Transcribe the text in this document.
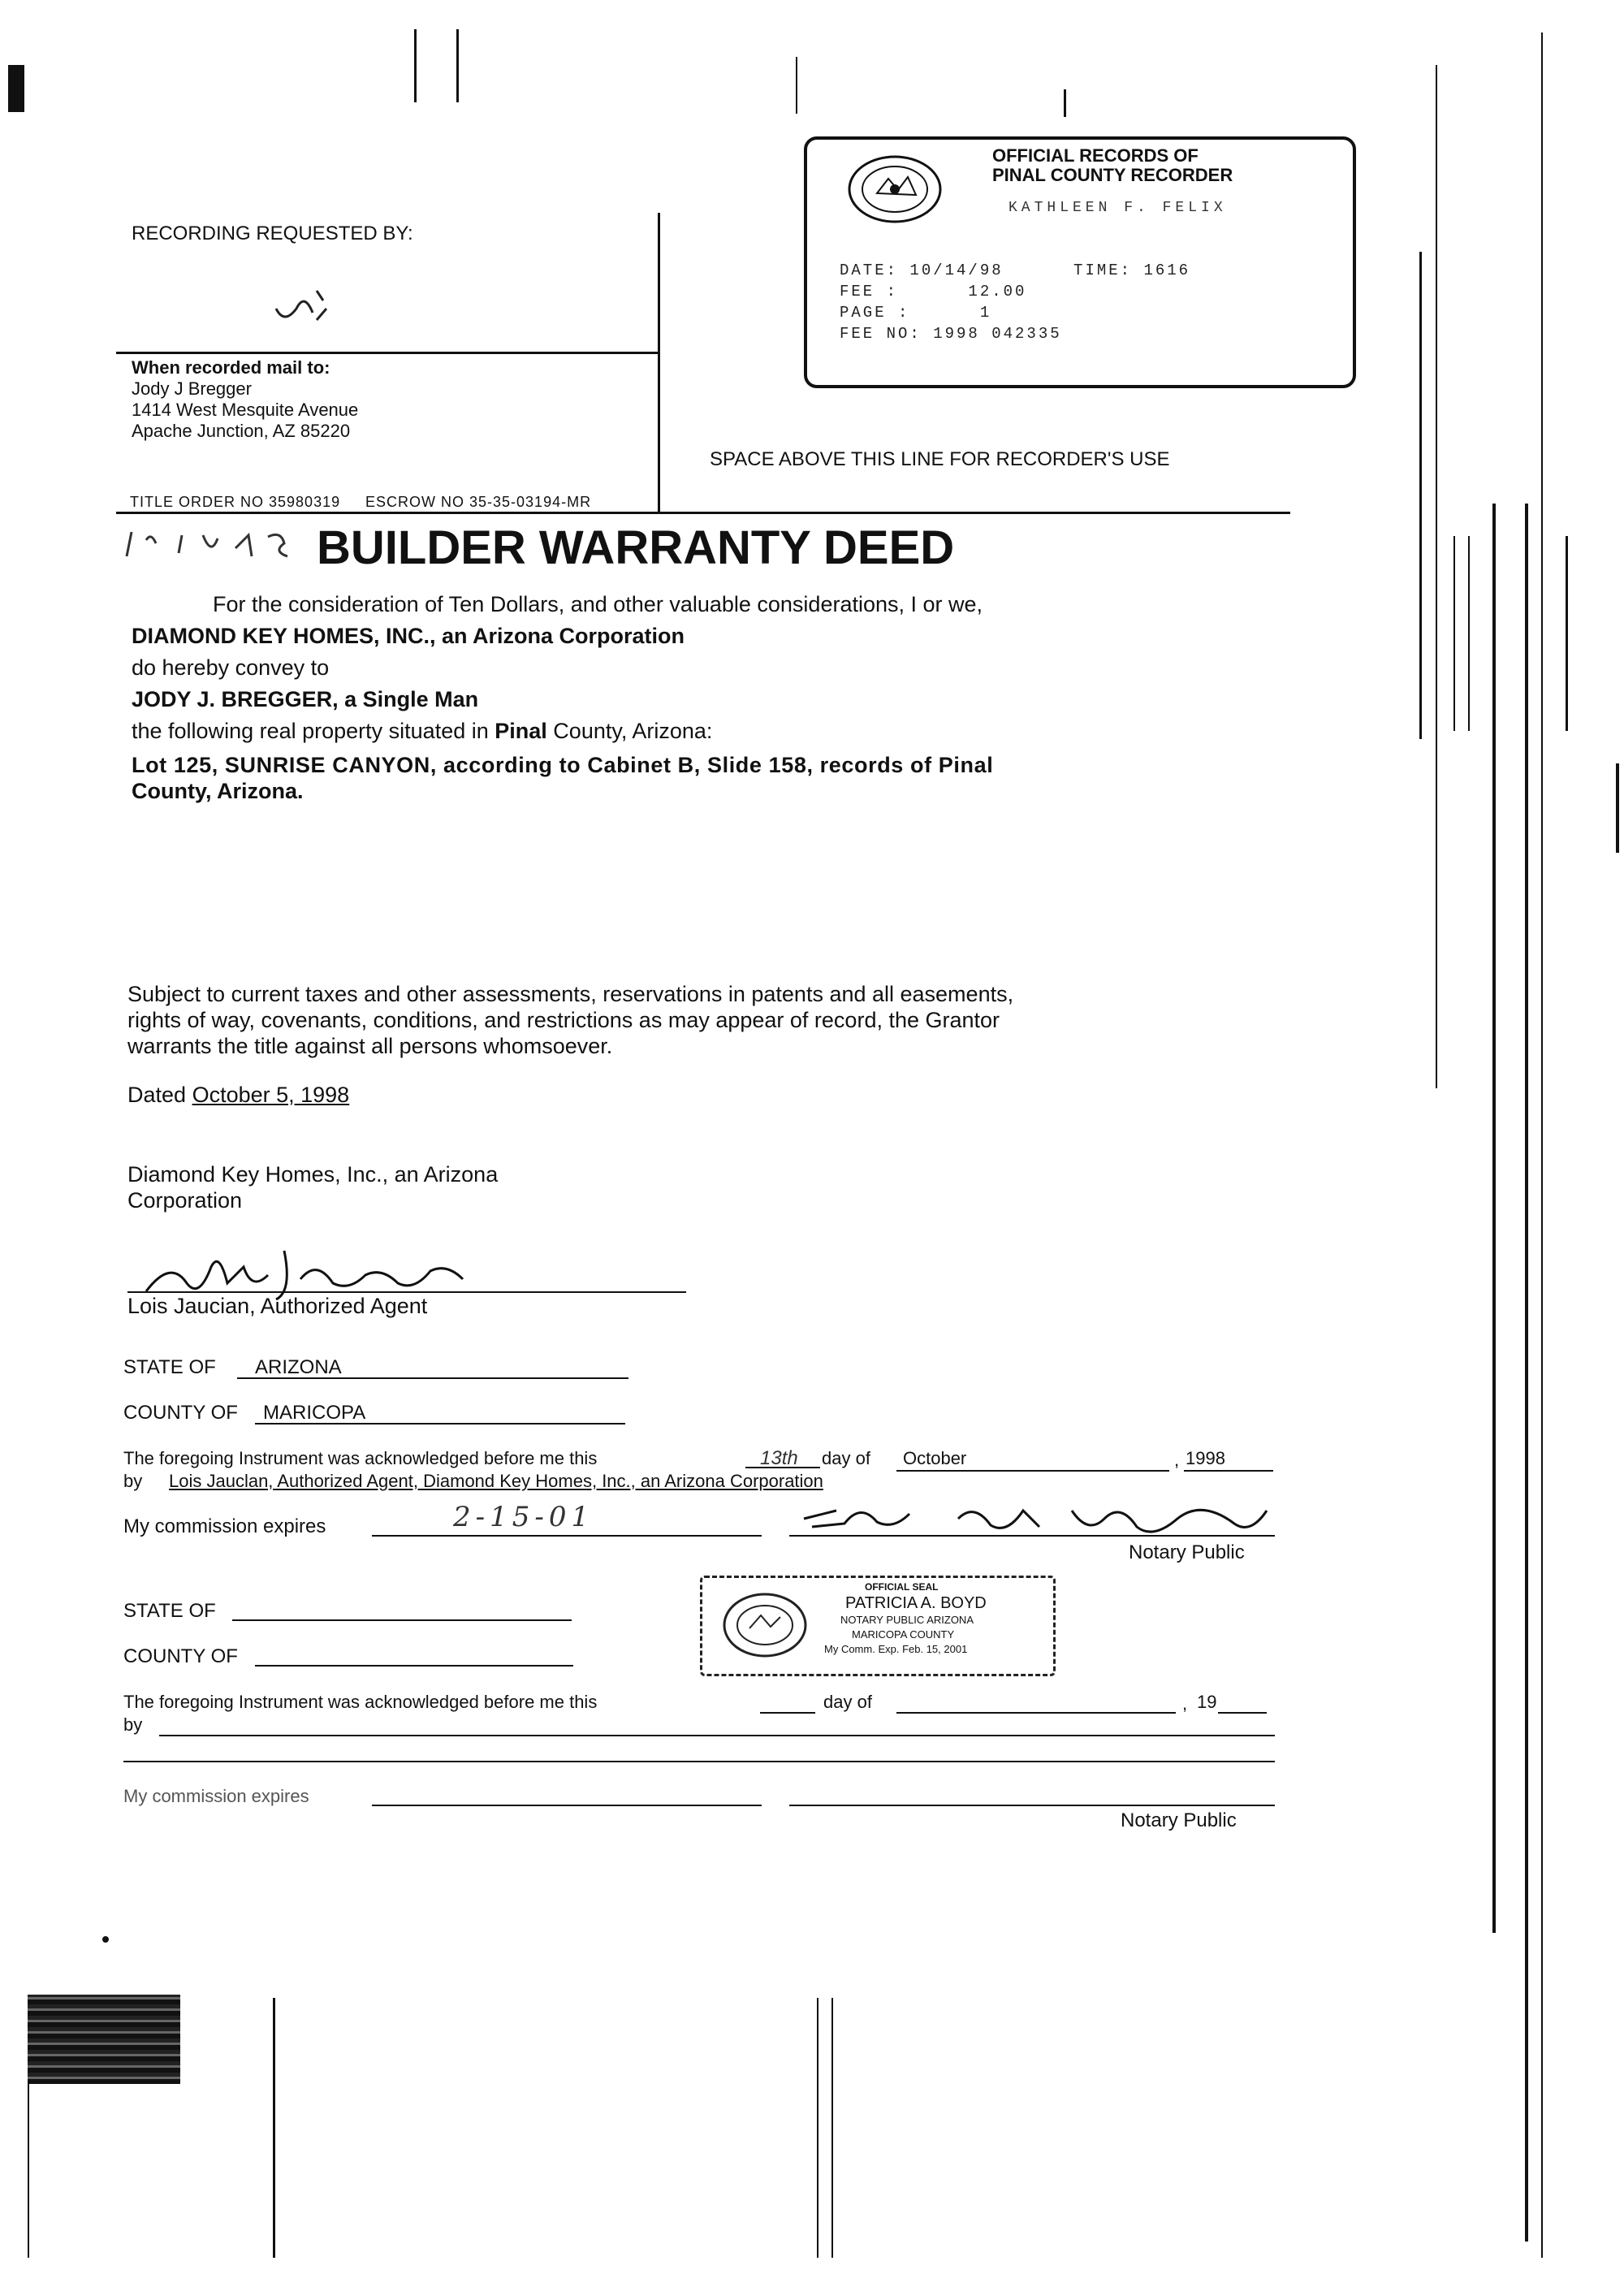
OFFICIAL RECORDS OF
PINAL COUNTY RECORDER
KATHLEEN F. FELIX
DATE: 10/14/98      TIME: 1616
FEE :      12.00
PAGE :      1
FEE NO: 1998 042335
RECORDING REQUESTED BY:
When recorded mail to:
Jody J Bregger
1414 West Mesquite Avenue
Apache Junction, AZ 85220
SPACE ABOVE THIS LINE FOR RECORDER'S USE
TITLE ORDER NO 35980319 ESCROW NO 35-35-03194-MR
BUILDER WARRANTY DEED
For the consideration of Ten Dollars, and other valuable considerations, I or we,
DIAMOND KEY HOMES, INC., an Arizona Corporation
do hereby convey to
JODY J. BREGGER, a Single Man
the following real property situated in Pinal County, Arizona:
Lot 125, SUNRISE CANYON, according to Cabinet B, Slide 158, records of Pinal
County, Arizona.
Subject to current taxes and other assessments, reservations in patents and all easements,
rights of way, covenants, conditions, and restrictions as may appear of record, the Grantor
warrants the title against all persons whomsoever.
Dated October 5, 1998
Diamond Key Homes, Inc., an Arizona
Corporation
Lois Jaucian, Authorized Agent
STATE OF ARIZONA
COUNTY OF MARICOPA
The foregoing Instrument was acknowledged before me this	13th day of October	, 1998
by Lois Jauclan, Authorized Agent, Diamond Key Homes, Inc., an Arizona Corporation
My commission expires	2-15-01
Notary Public
OFFICIAL SEAL
PATRICIA A. BOYD
NOTARY PUBLIC ARIZONA
MARICOPA COUNTY
My Comm. Exp. Feb. 15, 2001
STATE OF
COUNTY OF
The foregoing Instrument was acknowledged before me this	day of	, 19
by
My commission expires
Notary Public
